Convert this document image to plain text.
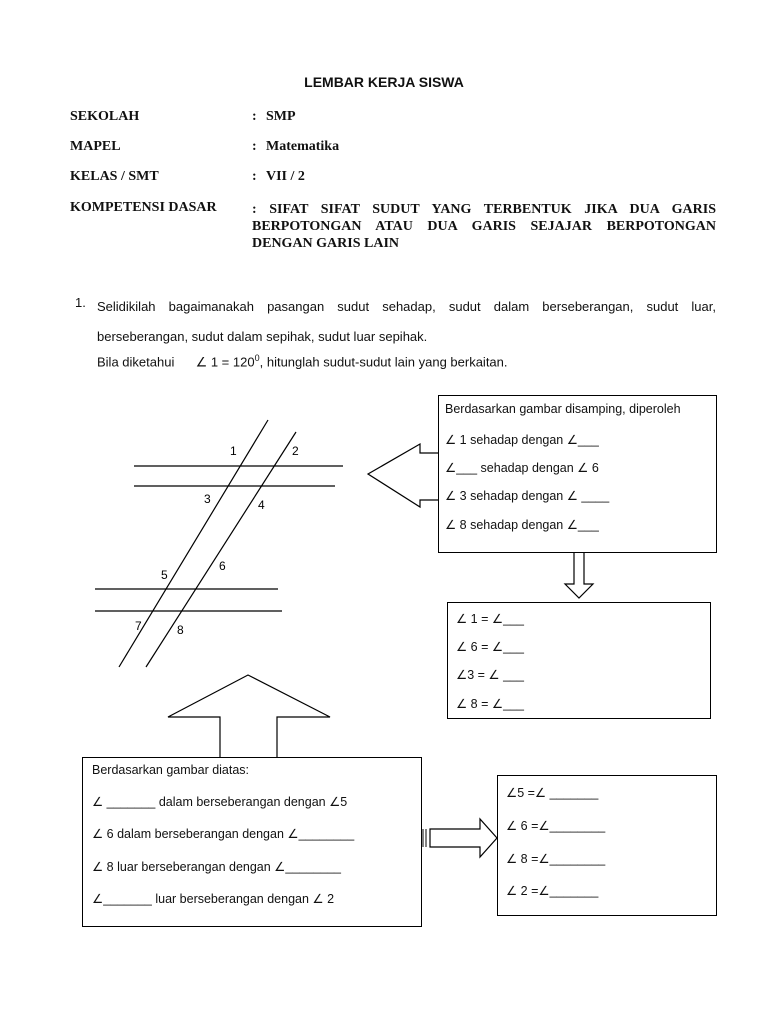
LEMBAR KERJA SISWA
SEKOLAH	: SMP
MAPEL	: Matematika
KELAS / SMT	: VII / 2
KOMPETENSI DASAR	: SIFAT SIFAT SUDUT YANG TERBENTUK JIKA DUA GARIS BERPOTONGAN ATAU DUA GARIS SEJAJAR BERPOTONGAN DENGAN GARIS LAIN
1. Selidikilah bagaimanakah pasangan sudut sehadap, sudut dalam berseberangan, sudut luar, berseberangan, sudut dalam sepihak, sudut luar sepihak.
Bila diketahui ∠ $1 = 120^0$, hitunglah sudut-sudut lain yang berkaitan.
1	2
3	4
5
6
7	8
Berdasarkan gambar disamping, diperoleh
∠ 1 sehadap dengan ∠___
∠___ sehadap dengan ∠ 6
∠ 3 sehadap dengan ∠ ____
∠ 8 sehadap dengan ∠___
∠ 1 = ∠___
∠ 6 = ∠___
∠3 = ∠ ___
∠ 8 = ∠___
Berdasarkan gambar diatas:
∠ _______ dalam berseberangan dengan ∠5
∠ 6 dalam berseberangan dengan ∠________
∠ 8 luar berseberangan dengan ∠________
∠_______ luar berseberangan dengan ∠ 2
∠5 =∠ _______
∠ 6 =∠________
∠ 8 =∠________
∠ 2 =∠_______
